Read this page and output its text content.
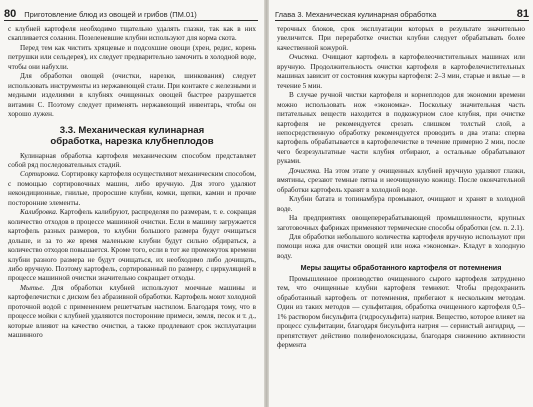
80 Приготовление блюд из овощей и грибов (ПМ.01)

с клубней картофеля необходимо тщательно удалять глазки, так как в них скапливается соланин. Позеленевшие клубни используют для корма скота.

Перед тем как чистить хрящевые и подсохшие овощи (хрен, редис, корень петрушки или сельдерея), их следует предварительно замочить в холодной воде, чтобы они набухли.

Для обработки овощей (очистки, нарезки, шинкования) следует использовать инструменты из нержавеющей стали. При контакте с железными и медными изделиями в клубнях очищенных овощей быстрее разрушается витамин С. Поэтому следует применять нержавеющий инвентарь, чтобы он хорошо лужен.

3.3. Механическая кулинарная
обработка, нарезка клубнеплодов

Кулинарная обработка картофеля механическим способом представляет собой ряд последовательных стадий.

Сортировка. Сортировку картофеля осуществляют механическим способом, с помощью сортировочных машин, либо вручную. Для этого удаляют некондиционные, гнилые, проросшие клубни, комки, щепки, камни и прочие посторонние элементы.

Калибровка. Картофель калибруют, распределяя по размерам, т. е. сокращая количество отходов в процессе машинной очистки. Если в машину загружается картофель разных размеров, то клубни большого размера будут очищаться дольше, и за то же время маленькие клубни будут сильно обдираться, а количество отходов повышается. Кроме того, если в тот же промежуток времени клубни разного размера не будут очищаться, их необходимо либо дочищать, либо вручную. Поэтому картофель, сортированный по размеру, с циркуляцией в процессе машинной очистки значительно сокращает отходы.

Мытье. Для обработки клубней используют моечные машины и картофелечистки с диском без абразивной обработки. Картофель моют холодной проточной водой с применением решетчатым настилом. Благодаря тому, что в процессе мойки с клубней удаляются посторонние примеси, земля, песок и т. д., которые влияют на качество очистки, а также продлевают срок эксплуатации машинного

Глава 3. Механическая кулинарная обработка	81

терочных блоков, срок эксплуатации которых в результате значительно увеличится. При переработке очистки клубни следует обрабатывать более качественной кожурой.

Очистка. Очищают картофель в картофелеочистительных машинах или вручную. Продолжительность очистки картофеля в картофелечистительных машинах зависит от состояния кожуры картофеля: 2–3 мин, старые и вялые — в течение 5 мин.

В случае ручной чистки картофеля и корнеплодов для экономии времени можно использовать нож «экономка». Поскольку значительная часть питательных веществ находится в подкожурном слое клубня, при очистке картофеля не рекомендуется срезать слишком толстый слой, а непосредственную обработку рекомендуется проводить в два этапа: сперва картофель обрабатывается в картофелечистке в течение примерно 2 мин, после чего безрезультатные части клубня отбирают, а остальные обрабатывают руками.

Дочистка. На этом этапе у очищенных клубней вручную удаляют глазки, вмятины, срезают темные пятна и неочищенную кожицу. После окончательной обработки картофель хранят в холодной воде.

Клубни батата и топинамбура промывают, очищают и хранят в холодной воде.

На предприятиях овощеперерабатывающей промышленности, крупных заготовочных фабриках применяют термические способы обработки (см. п. 2.1).

Для обработки небольшого количества картофеля вручную используют при помощи ножа для очистки овощей или ножа «экономка». Кладут в холодную воду.

Меры защиты обработанного картофеля от потемнения

Промышленное производство очищенного сырого картофеля затруднено тем, что очищенные клубни картофеля темнеют. Чтобы предохранить обработанный картофель от потемнения, прибегают к нескольким методам. Один из таких методов — сульфитация, обработка очищенного картофеля 0,5–1% раствором бисульфита (гидросульфита) натрия. Вещество, которое влияет на процесс сульфитации, благодаря бисульфита натрия — сернистый ангидрид, — препятствует действию полифенолоксидазы, благодаря снижению активности фермента
